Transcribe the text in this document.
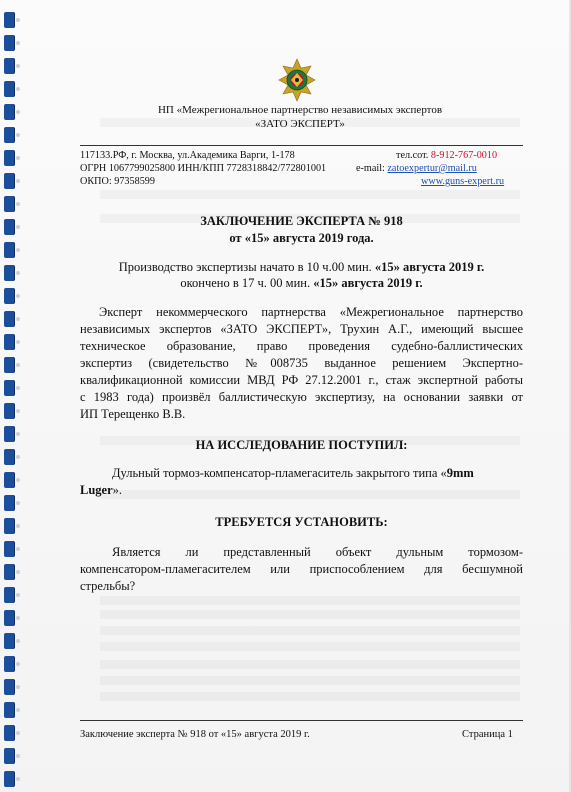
НП «Межрегиональное партнерство независимых экспертов
«ЗАТО ЭКСПЕРТ»
117133.РФ, г. Москва, ул.Академика Варги, 1-178
ОГРН 1067799025800 ИНН/КПП 7728318842/772801001
ОКПО: 97358599
тел.сот. 8-912-767-0010
e-mail: zatoexpertur@mail.ru
www.guns-expert.ru
ЗАКЛЮЧЕНИЕ ЭКСПЕРТА № 918
от «15» августа 2019 года.
Производство экспертизы начато в 10 ч.00 мин. «15» августа 2019 г.
окончено в 17 ч. 00 мин. «15» августа 2019 г.
Эксперт некоммерческого партнерства «Межрегиональное партнерство
независимых экспертов «ЗАТО ЭКСПЕРТ», Трухин А.Г., имеющий высшее
техническое образование, право проведения судебно-баллистических
экспертиз (свидетельство №008735 выданное решением Экспертно-
квалификационной комиссии МВД РФ 27.12.2001 г., стаж экспертной работы
с 1983 года) произвёл баллистическую экспертизу, на основании заявки от
ИП Терещенко В.В.
НА ИССЛЕДОВАНИЕ ПОСТУПИЛ:
Дульный тормоз-компенсатор-пламегаситель закрытого типа «9mm
Luger».
ТРЕБУЕТСЯ УСТАНОВИТЬ:
Является ли представленный объект дульным тормозом-
компенсатором-пламегасителем или приспособлением для бесшумной
стрельбы?
Заключение эксперта № 918 от «15» августа 2019 г.	Страница 1
